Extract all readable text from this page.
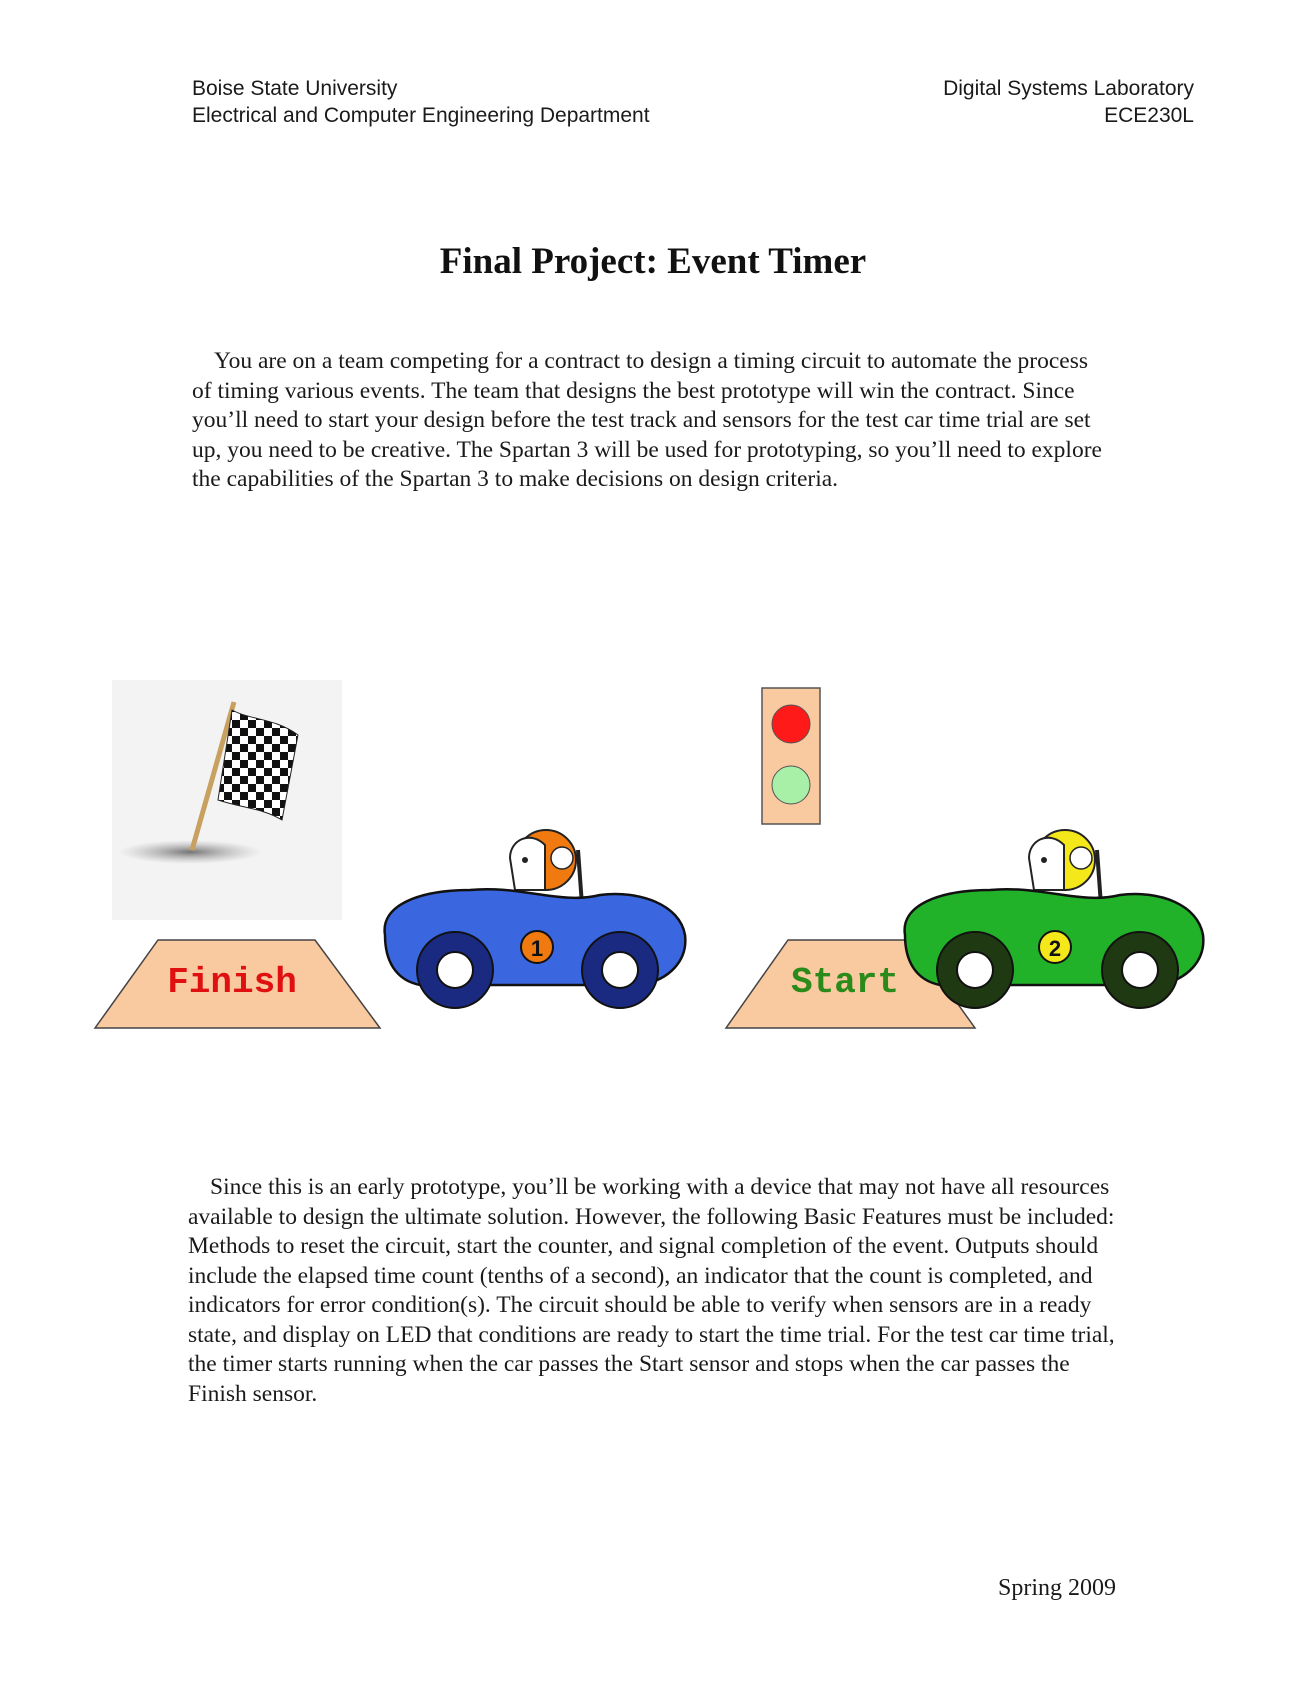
Boise State University
Electrical and Computer Engineering Department
Digital Systems Laboratory
ECE230L
Final Project: Event Timer
You are on a team competing for a contract to design a timing circuit to automate the process of timing various events. The team that designs the best prototype will win the contract. Since you’ll need to start your design before the test track and sensors for the test car time trial are set up, you need to be creative. The Spartan 3 will be used for prototyping, so you’ll need to explore the capabilities of the Spartan 3 to make decisions on design criteria.
Finish
1
Start
2
Since this is an early prototype, you’ll be working with a device that may not have all resources available to design the ultimate solution. However, the following Basic Features must be included: Methods to reset the circuit, start the counter, and signal completion of the event. Outputs should include the elapsed time count (tenths of a second), an indicator that the count is completed, and indicators for error condition(s). The circuit should be able to verify when sensors are in a ready state, and display on LED that conditions are ready to start the time trial. For the test car time trial, the timer starts running when the car passes the Start sensor and stops when the car passes the Finish sensor.
Spring 2009
